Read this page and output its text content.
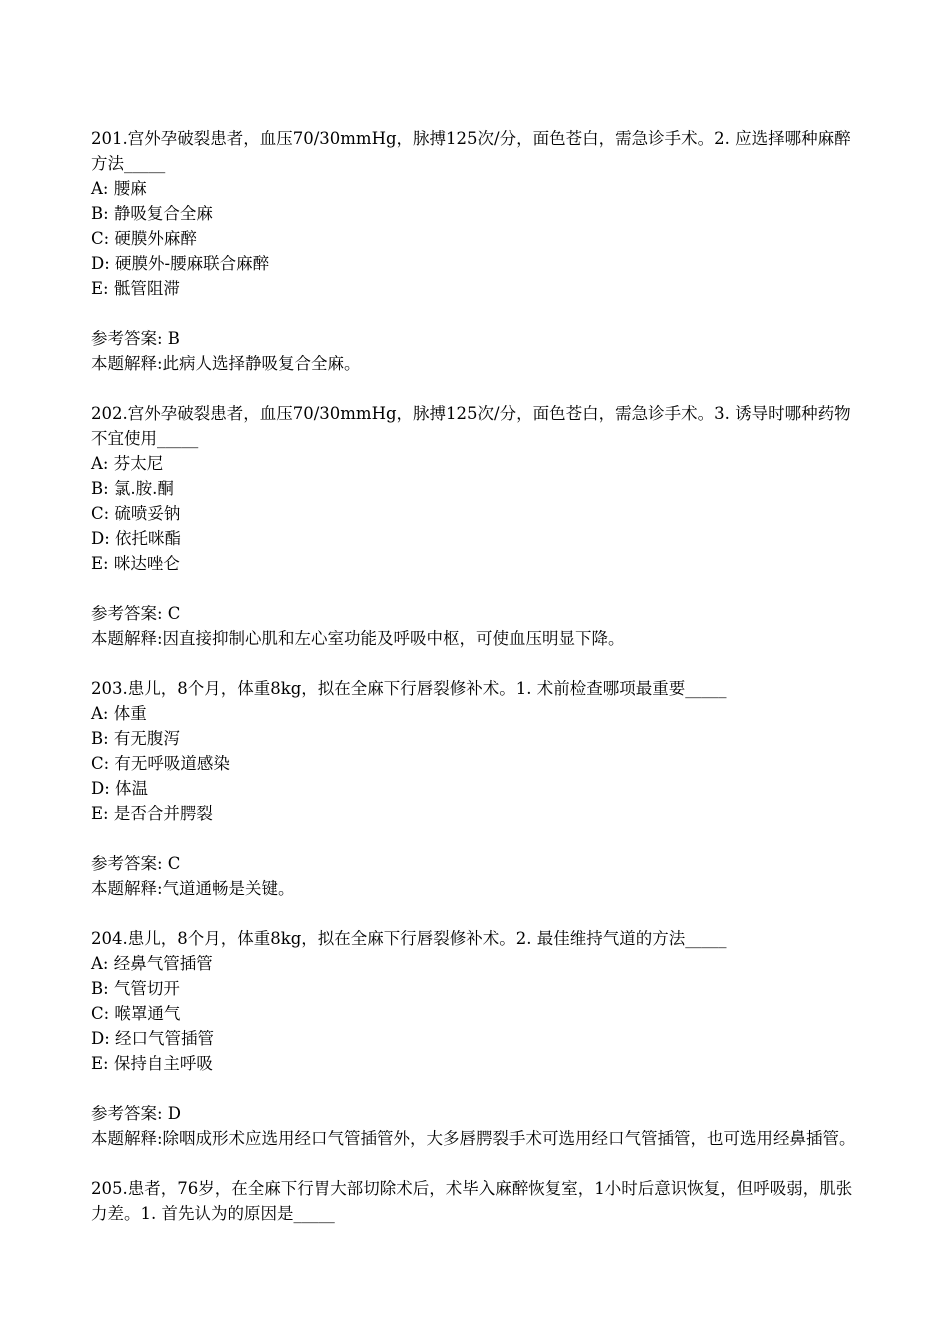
201.宫外孕破裂患者，血压70/30mmHg，脉搏125次/分，面色苍白，需急诊手术。2. 应选择哪种麻醉方法_____
A: 腰麻
B: 静吸复合全麻
C: 硬膜外麻醉
D: 硬膜外-腰麻联合麻醉
E: 骶管阻滞
参考答案: B
本题解释:此病人选择静吸复合全麻。
202.宫外孕破裂患者，血压70/30mmHg，脉搏125次/分，面色苍白，需急诊手术。3. 诱导时哪种药物不宜使用_____
A: 芬太尼
B: 氯.胺.酮
C: 硫喷妥钠
D: 依托咪酯
E: 咪达唑仑
参考答案: C
本题解释:因直接抑制心肌和左心室功能及呼吸中枢，可使血压明显下降。
203.患儿，8个月，体重8kg，拟在全麻下行唇裂修补术。1. 术前检查哪项最重要_____
A: 体重
B: 有无腹泻
C: 有无呼吸道感染
D: 体温
E: 是否合并腭裂
参考答案: C
本题解释:气道通畅是关键。
204.患儿，8个月，体重8kg，拟在全麻下行唇裂修补术。2. 最佳维持气道的方法_____
A: 经鼻气管插管
B: 气管切开
C: 喉罩通气
D: 经口气管插管
E: 保持自主呼吸
参考答案: D
本题解释:除咽成形术应选用经口气管插管外，大多唇腭裂手术可选用经口气管插管，也可选用经鼻插管。
205.患者，76岁，在全麻下行胃大部切除术后，术毕入麻醉恢复室，1小时后意识恢复，但呼吸弱，肌张力差。1. 首先认为的原因是_____
